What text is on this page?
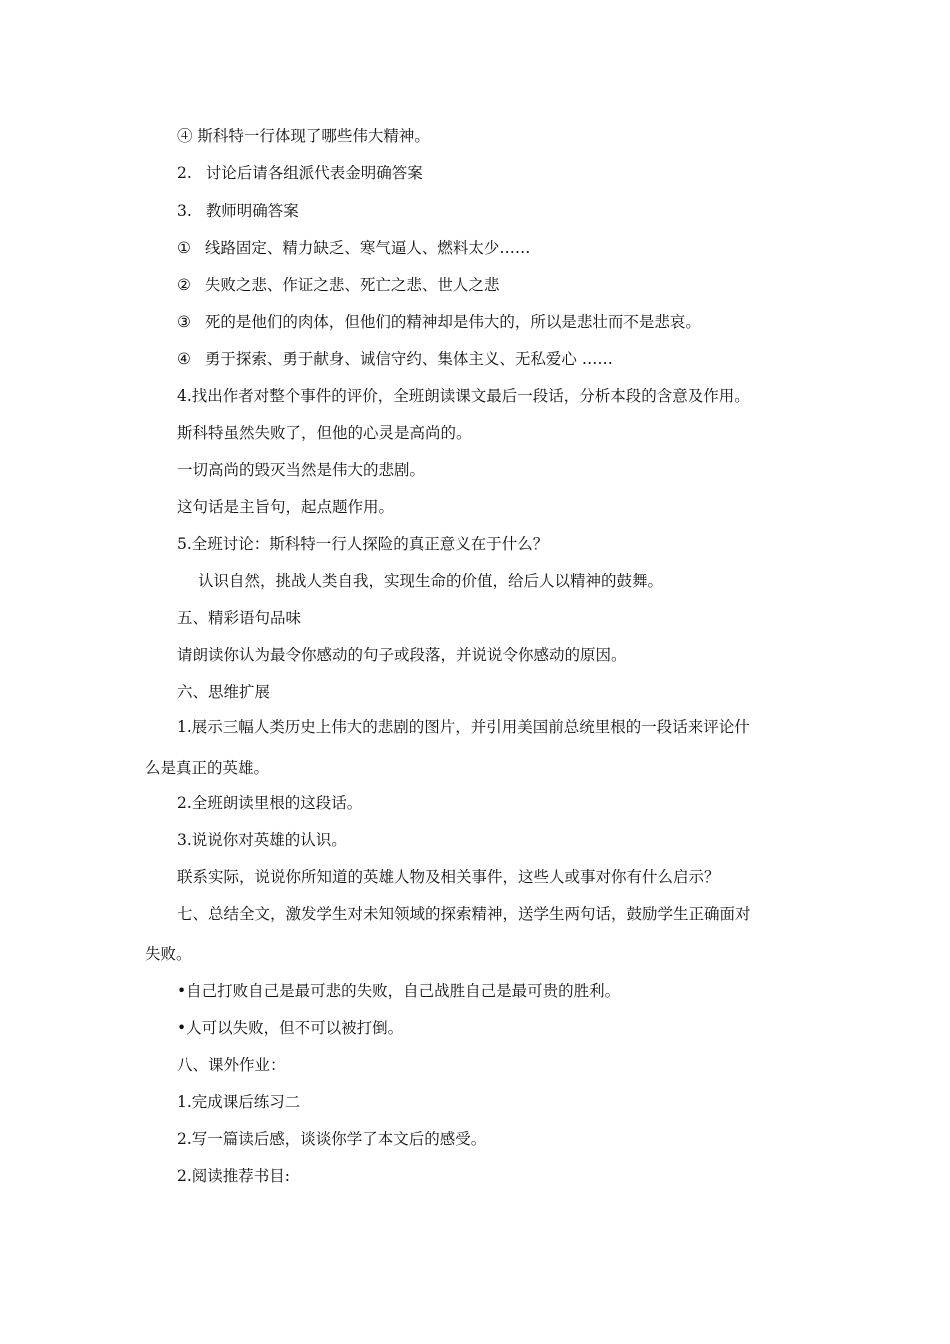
④ 斯科特一行体现了哪些伟大精神。
2. 讨论后请各组派代表金明确答案
3. 教师明确答案
① 线路固定、精力缺乏、寒气逼人、燃料太少……
② 失败之悲、作证之悲、死亡之悲、世人之悲
③ 死的是他们的肉体，但他们的精神却是伟大的，所以是悲壮而不是悲哀。
④ 勇于探索、勇于献身、诚信守约、集体主义、无私爱心 ……
4.找出作者对整个事件的评价，全班朗读课文最后一段话，分析本段的含意及作用。
斯科特虽然失败了，但他的心灵是高尚的。
一切高尚的毁灭当然是伟大的悲剧。
这句话是主旨句，起点题作用。
5.全班讨论：斯科特一行人探险的真正意义在于什么？
认识自然，挑战人类自我，实现生命的价值，给后人以精神的鼓舞。
五、精彩语句品味
请朗读你认为最令你感动的句子或段落，并说说令你感动的原因。
六、思维扩展
1.展示三幅人类历史上伟大的悲剧的图片，并引用美国前总统里根的一段话来评论什
么是真正的英雄。
2.全班朗读里根的这段话。
3.说说你对英雄的认识。
联系实际，说说你所知道的英雄人物及相关事件，这些人或事对你有什么启示？
七、总结全文，激发学生对未知领域的探索精神，送学生两句话，鼓励学生正确面对
失败。
•自己打败自己是最可悲的失败，自己战胜自己是最可贵的胜利。
•人可以失败，但不可以被打倒。
八、课外作业：
1.完成课后练习二
2.写一篇读后感，谈谈你学了本文后的感受。
2.阅读推荐书目:
